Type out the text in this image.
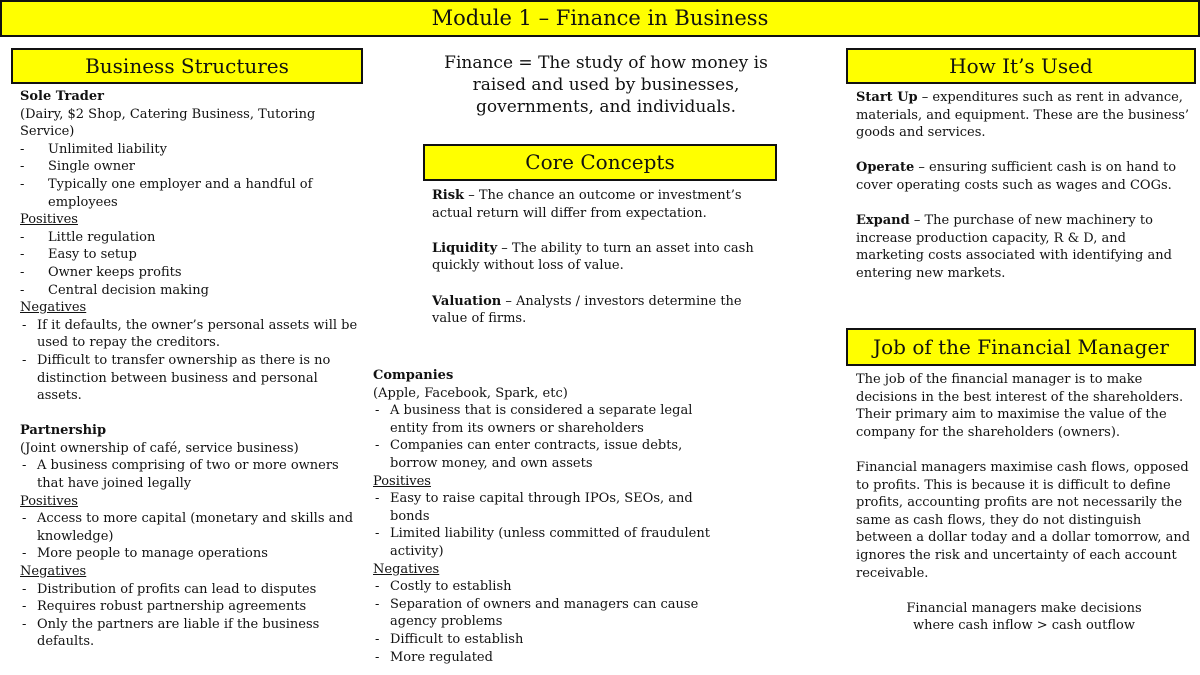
Module 1 – Finance in Business
Business Structures

Sole Trader

(Dairy, $2 Shop, Catering Business, Tutoring Service)

- Unlimited liability
- Single owner
- Typically one employer and a handful of employees

Positives

- Little regulation
- Easy to setup
- Owner keeps profits
- Central decision making

Negatives

- If it defaults, the owner’s personal assets will be used to repay the creditors.
- Difficult to transfer ownership as there is no distinction between business and personal assets.

Partnership

(Joint ownership of café, service business)

- A business comprising of two or more owners that have joined legally

Positives

- Access to more capital (monetary and skills and knowledge)
- More people to manage operations

Negatives

- Distribution of profits can lead to disputes
- Requires robust partnership agreements
- Only the partners are liable if the business defaults.
Finance = The study of how money is raised and used by businesses, governments, and individuals.
Core Concepts

Risk – The chance an outcome or investment’s actual return will differ from expectation.

Liquidity – The ability to turn an asset into cash quickly without loss of value.

Valuation – Analysts / investors determine the value of firms.

Companies

(Apple, Facebook, Spark, etc)

- A business that is considered a separate legal entity from its owners or shareholders
- Companies can enter contracts, issue debts, borrow money, and own assets

Positives

- Easy to raise capital through IPOs, SEOs, and bonds
- Limited liability (unless committed of fraudulent activity)

Negatives

- Costly to establish
- Separation of owners and managers can cause agency problems
- Difficult to establish
- More regulated
How It’s Used

Start Up – expenditures such as rent in advance, materials, and equipment. These are the business’ goods and services.

Operate – ensuring sufficient cash is on hand to cover operating costs such as wages and COGs.

Expand – The purchase of new machinery to increase production capacity, R & D, and marketing costs associated with identifying and entering new markets.

Job of the Financial Manager

The job of the financial manager is to make decisions in the best interest of the shareholders. Their primary aim to maximise the value of the company for the shareholders (owners).

Financial managers maximise cash flows, opposed to profits. This is because it is difficult to define profits, accounting profits are not necessarily the same as cash flows, they do not distinguish between a dollar today and a dollar tomorrow, and ignores the risk and uncertainty of each account receivable.

Financial managers make decisions where cash inflow > cash outflow
